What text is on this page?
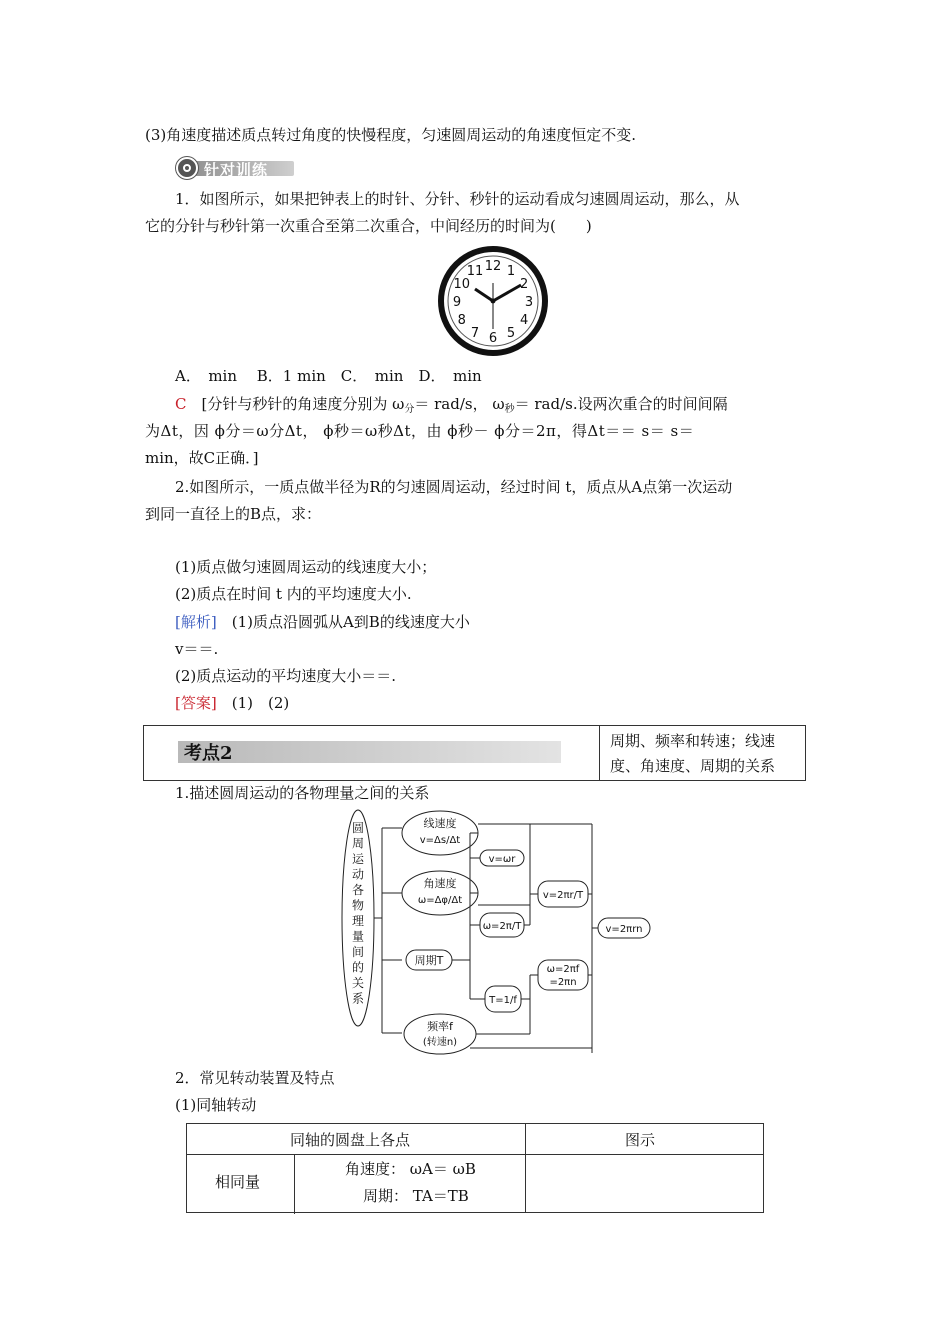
(3)角速度描述质点转过角度的快慢程度，匀速圆周运动的角速度恒定不变.
针对训练
1．如图所示，如果把钟表上的时针、分针、秒针的运动看成匀速圆周运动，那么，从
它的分针与秒针第一次重合至第二次重合，中间经历的时间为(　　)
12 1
2
3
4
5
6
7
8
9
10
11
A．　min　 B．1 min　C．　min　D．　min
C　[分针与秒针的角速度分别为 $\omega_分= rad/s$， $\omega_秒= rad/s$.设两次重合的时间间隔
为Δt，因 ϕ分＝ω分Δt， ϕ秒＝ω秒Δt，由 ϕ秒－ ϕ分＝2π，得Δt＝＝ s＝ s＝
min，故C正确．]
2.如图所示，一质点做半径为R的匀速圆周运动，经过时间 t，质点从A点第一次运动
到同一直径上的B点，求：
(1)质点做匀速圆周运动的线速度大小；
(2)质点在时间 t 内的平均速度大小.
[解析]　(1)质点沿圆弧从A到B的线速度大小
v＝＝.
(2)质点运动的平均速度大小＝＝.
[答案]　(1)　(2)
考点2
周期、频率和转速；线速
度、角速度、周期的关系
1.描述圆周运动的各物理量之间的关系
圆
周
运
动
各
物
理
量
间
的
关
系
线速度
v=Δs/Δt
角速度
ω=Δφ/Δt
周期T
频率f
(转速n)
v=ωr
ω=2π/T
T=1/f
v=2πr/T
ω=2πf
=2πn
v=2πrn
2．常见转动装置及特点
(1)同轴转动
同轴的圆盘上各点	图示
相同量
角速度： ωA＝ ωB
周期： TA＝TB
